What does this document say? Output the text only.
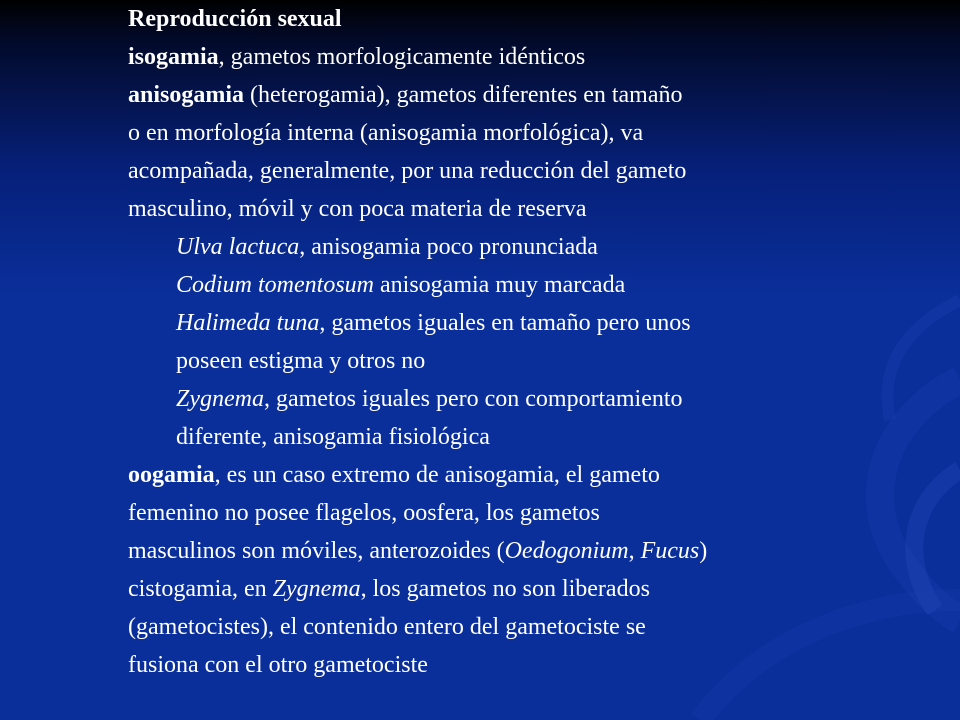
Reproducción sexual
isogamia, gametos morfologicamente idénticos
anisogamia (heterogamia), gametos diferentes en tamaño
o en morfología interna (anisogamia morfológica), va
acompañada, generalmente, por una reducción del gameto
masculino, móvil y con poca materia de reserva
Ulva lactuca, anisogamia poco pronunciada
Codium tomentosum anisogamia muy marcada
Halimeda tuna, gametos iguales en tamaño pero unos
poseen estigma y otros no
Zygnema, gametos iguales pero con comportamiento
diferente, anisogamia fisiológica
oogamia, es un caso extremo de anisogamia, el gameto
femenino no posee flagelos, oosfera, los gametos
masculinos son móviles, anterozoides (Oedogonium, Fucus)
cistogamia, en Zygnema, los gametos no son liberados
(gametocistes), el contenido entero del gametociste se
fusiona con el otro gametociste
